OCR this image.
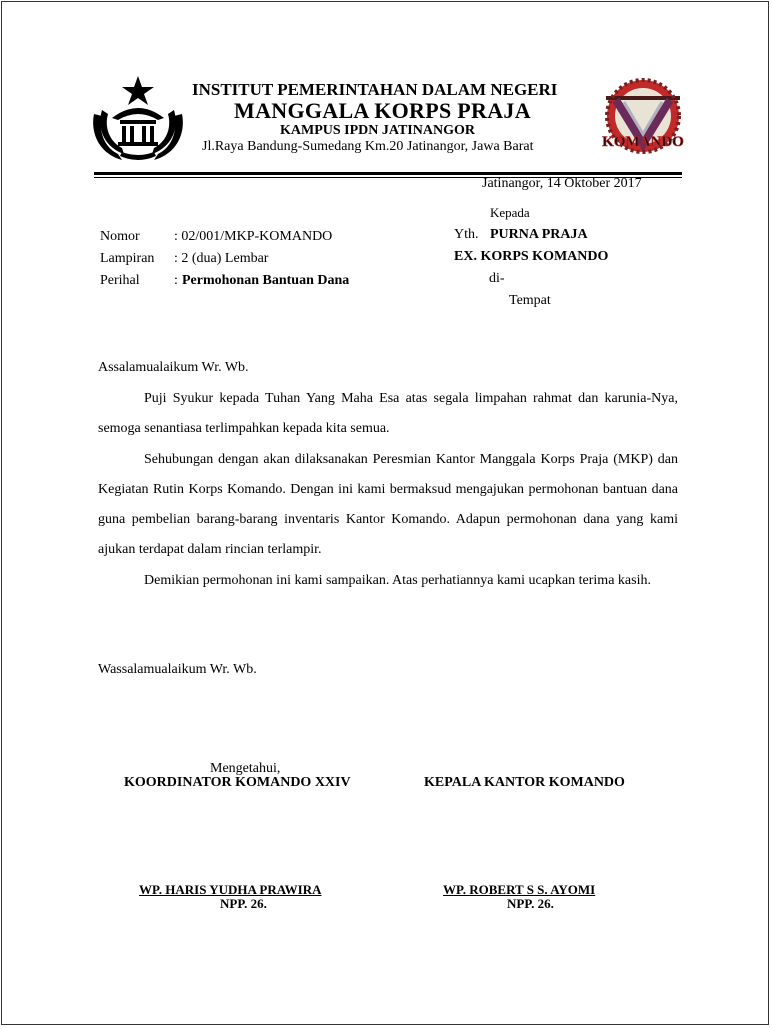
INSTITUT PEMERINTAHAN DALAM NEGERI
MANGGALA KORPS PRAJA
KAMPUS IPDN JATINANGOR
Jl.Raya Bandung-Sumedang Km.20 Jatinangor, Jawa Barat	KOMANDO
Jatinangor, 14 Oktober 2017
Kepada
Yth. PURNA PRAJA
EX. KORPS KOMANDO
di-
Tempat
Nomor : 02/001/MKP-KOMANDO
Lampiran : 2 (dua) Lembar
Perihal : Permohonan Bantuan Dana
Assalamualaikum Wr. Wb.
Puji Syukur kepada Tuhan Yang Maha Esa atas segala limpahan rahmat dan karunia-Nya, semoga senantiasa terlimpahkan kepada kita semua.
Sehubungan dengan akan dilaksanakan Peresmian Kantor Manggala Korps Praja (MKP) dan Kegiatan Rutin Korps Komando. Dengan ini kami bermaksud mengajukan permohonan bantuan dana guna pembelian barang-barang inventaris Kantor Komando. Adapun permohonan dana yang kami ajukan terdapat dalam rincian terlampir.
Demikian permohonan ini kami sampaikan. Atas perhatiannya kami ucapkan terima kasih.
Wassalamualaikum Wr. Wb.
Mengetahui,
KOORDINATOR KOMANDO XXIV	KEPALA KANTOR KOMANDO
WP. HARIS YUDHA PRAWIRA
NPP. 26.
WP. ROBERT S S. AYOMI
NPP. 26.
